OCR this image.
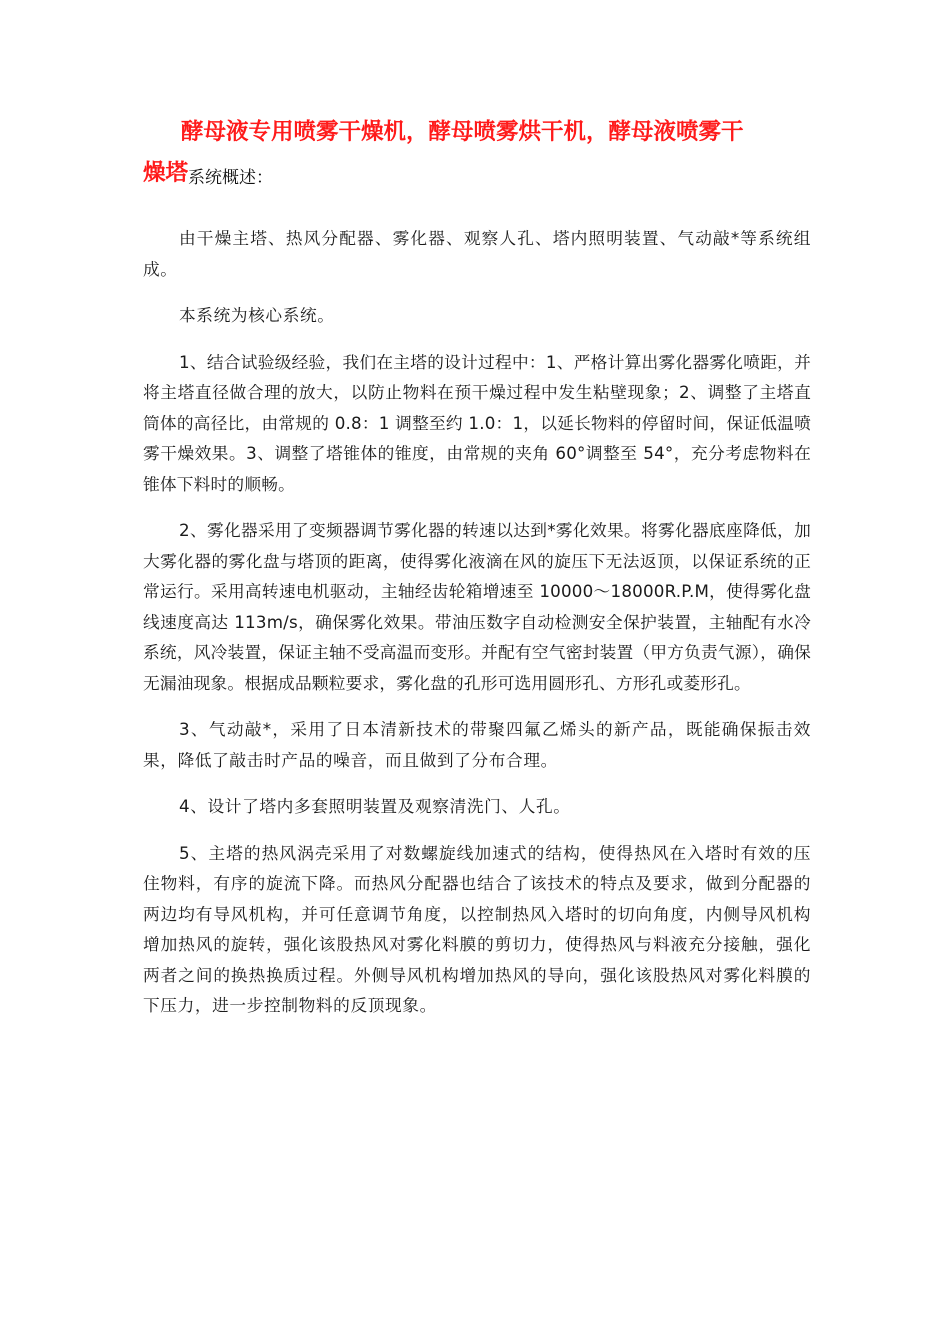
酵母液专用喷雾干燥机，酵母喷雾烘干机，酵母液喷雾干
燥塔系统概述：

由干燥主塔、热风分配器、雾化器、观察人孔、塔内照明装置、气动敲*等系统组成。

本系统为核心系统。

1、结合试验级经验，我们在主塔的设计过程中：1、严格计算出雾化器雾化喷距，并将主塔直径做合理的放大，以防止物料在预干燥过程中发生粘壁现象；2、调整了主塔直筒体的高径比，由常规的 0.8：1 调整至约 1.0：1，以延长物料的停留时间，保证低温喷雾干燥效果。3、调整了塔锥体的锥度，由常规的夹角 60°调整至 54°，充分考虑物料在锥体下料时的顺畅。

2、雾化器采用了变频器调节雾化器的转速以达到*雾化效果。将雾化器底座降低，加大雾化器的雾化盘与塔顶的距离，使得雾化液滴在风的旋压下无法返顶，以保证系统的正常运行。采用高转速电机驱动，主轴经齿轮箱增速至 10000～18000R.P.M，使得雾化盘线速度高达 113m/s，确保雾化效果。带油压数字自动检测安全保护装置，主轴配有水冷系统，风冷装置，保证主轴不受高温而变形。并配有空气密封装置（甲方负责气源），确保无漏油现象。根据成品颗粒要求，雾化盘的孔形可选用圆形孔、方形孔或菱形孔。

3、气动敲*，采用了日本清新技术的带聚四氟乙烯头的新产品，既能确保振击效果，降低了敲击时产品的噪音，而且做到了分布合理。

4、设计了塔内多套照明装置及观察清洗门、人孔。

5、主塔的热风涡壳采用了对数螺旋线加速式的结构，使得热风在入塔时有效的压住物料，有序的旋流下降。而热风分配器也结合了该技术的特点及要求，做到分配器的两边均有导风机构，并可任意调节角度，以控制热风入塔时的切向角度，内侧导风机构增加热风的旋转，强化该股热风对雾化料膜的剪切力，使得热风与料液充分接触，强化两者之间的换热换质过程。外侧导风机构增加热风的导向，强化该股热风对雾化料膜的下压力，进一步控制物料的反顶现象。
